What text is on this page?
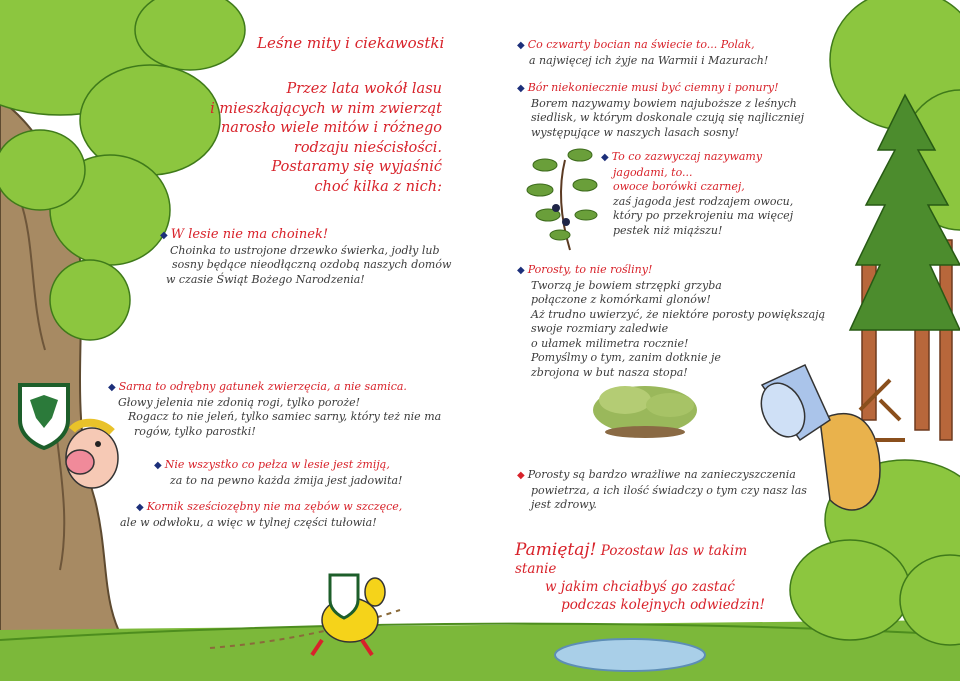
Leśne mity i ciekawostki
Przez lata wokół lasu
i mieszkających w nim zwierząt
narosło wiele mitów i różnego
rodzaju nieścisłości.
Postaramy się wyjaśnić
choć kilka z nich:
◆ W lesie nie ma choinek!
Choinka to ustrojone drzewko świerka, jodły lub
sosny będące nieodłączną ozdobą naszych domów
w czasie Świąt Bożego Narodzenia!
◆ Sarna to odrębny gatunek zwierzęcia, a nie samica.
Głowy jelenia nie zdonią rogi, tylko poroże!
Rogacz to nie jeleń, tylko samiec sarny, który też nie ma
rogów, tylko parostki!
◆ Nie wszystko co pełza w lesie jest żmiją,
za to na pewno każda żmija jest jadowita!
◆ Kornik sześciozębny nie ma zębów w szczęce,
ale w odwłoku, a więc w tylnej części tułowia!
◆ Co czwarty bocian na świecie to... Polak,
a najwięcej ich żyje na Warmii i Mazurach!
◆ Bór niekoniecznie musi być ciemny i ponury!
Borem nazywamy bowiem najuboższe z leśnych
siedlisk, w którym doskonale czują się najliczniej
występujące w naszych lasach sosny!
◆ To co zazwyczaj nazywamy
jagodami, to...
owoce borówki czarnej,
zaś jagoda jest rodzajem owocu,
który po przekrojeniu ma więcej
pestek niż miąższu!
◆ Porosty, to nie rośliny!
Tworzą je bowiem strzępki grzyba
połączone z komórkami glonów!
Aż trudno uwierzyć, że niektóre porosty powiększają
swoje rozmiary zaledwie
o ułamek milimetra rocznie!
Pomyślmy o tym, zanim dotknie je
zbrojona w but nasza stopa!
◆ Porosty są bardzo wrażliwe na zanieczyszczenia
powietrza, a ich ilość świadczy o tym czy nasz las
jest zdrowy.
Pamiętaj! Pozostaw las w takim stanie
w jakim chciałbyś go zastać
podczas kolejnych odwiedzin!
